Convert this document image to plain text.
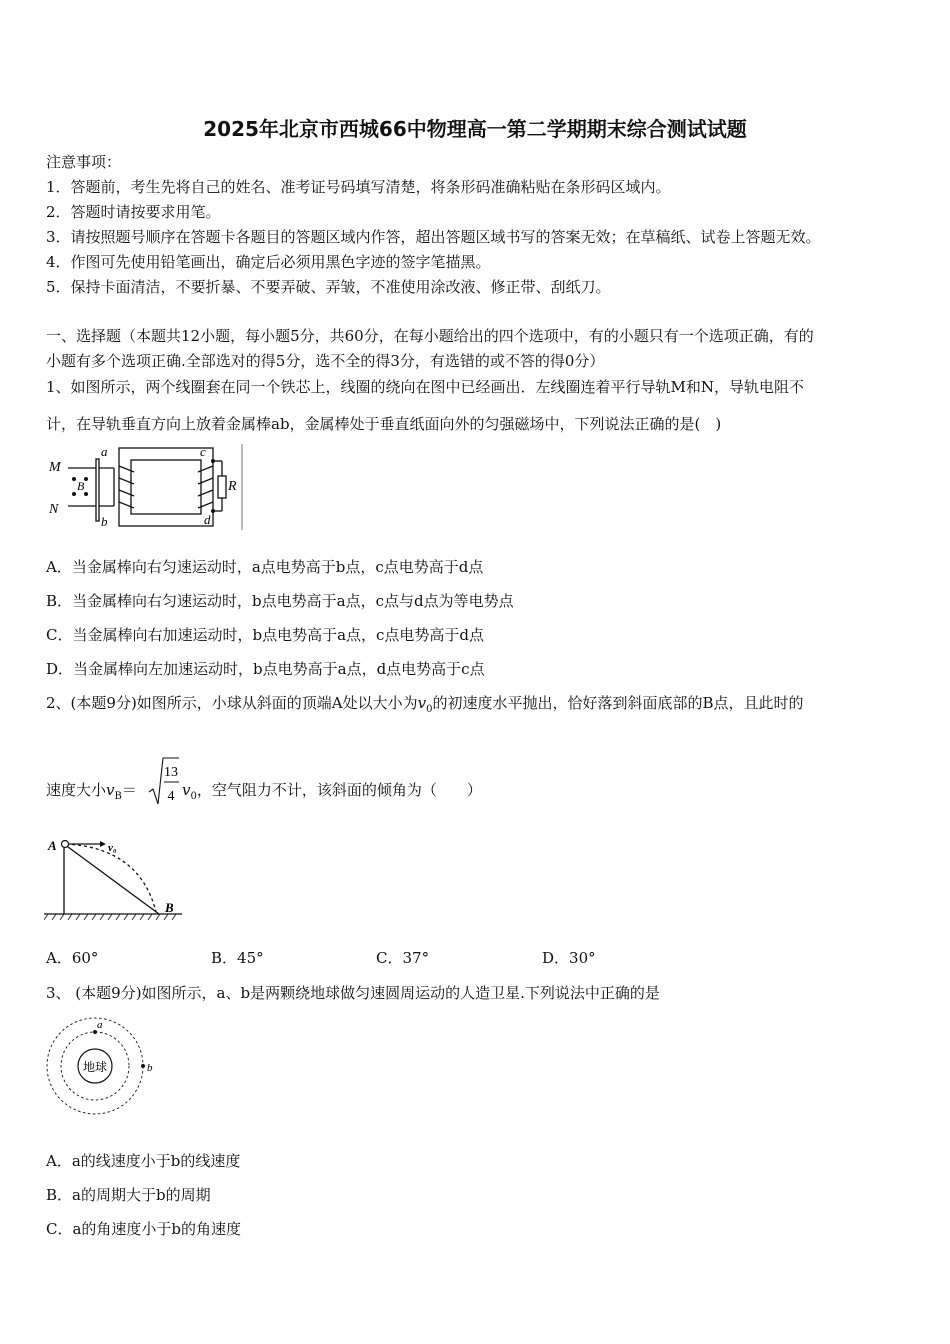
2025年北京市西城66中物理高一第二学期期末综合测试试题
注意事项：
1．答题前，考生先将自己的姓名、准考证号码填写清楚，将条形码准确粘贴在条形码区域内。
2．答题时请按要求用笔。
3．请按照题号顺序在答题卡各题目的答题区域内作答，超出答题区域书写的答案无效；在草稿纸、试卷上答题无效。
4．作图可先使用铅笔画出，确定后必须用黑色字迹的签字笔描黑。
5．保持卡面清洁，不要折暴、不要弄破、弄皱，不准使用涂改液、修正带、刮纸刀。
一、选择题（本题共12小题，每小题5分，共60分，在每小题给出的四个选项中，有的小题只有一个选项正确，有的
小题有多个选项正确.全部选对的得5分，选不全的得3分，有选错的或不答的得0分）
1、如图所示，两个线圈套在同一个铁芯上，线圈的绕向在图中已经画出．左线圈连着平行导轨M和N，导轨电阻不
计，在导轨垂直方向上放着金属棒ab，金属棒处于垂直纸面向外的匀强磁场中，下列说法正确的是(　)
M
N
a
b
B
c
d
R
A．当金属棒向右匀速运动时，a点电势高于b点，c点电势高于d点
B．当金属棒向右匀速运动时，b点电势高于a点，c点与d点为等电势点
C．当金属棒向右加速运动时，b点电势高于a点，c点电势高于d点
D．当金属棒向左加速运动时，b点电势高于a点，d点电势高于c点
2、(本题9分)如图所示，小球从斜面的顶端A处以大小为$v_0$的初速度水平抛出，恰好落到斜面底部的B点，且此时的
速度大小$v_B=$
13
4 $v_0$，空气阻力不计，该斜面的倾角为（　　）
A	v₀
B
A．60°	B．45°	C．37°	D．30°
3、 (本题9分)如图所示，a、b是两颗绕地球做匀速圆周运动的人造卫星.下列说法中正确的是
地球
a
b
A．a的线速度小于b的线速度
B．a的周期大于b的周期
C．a的角速度小于b的角速度
